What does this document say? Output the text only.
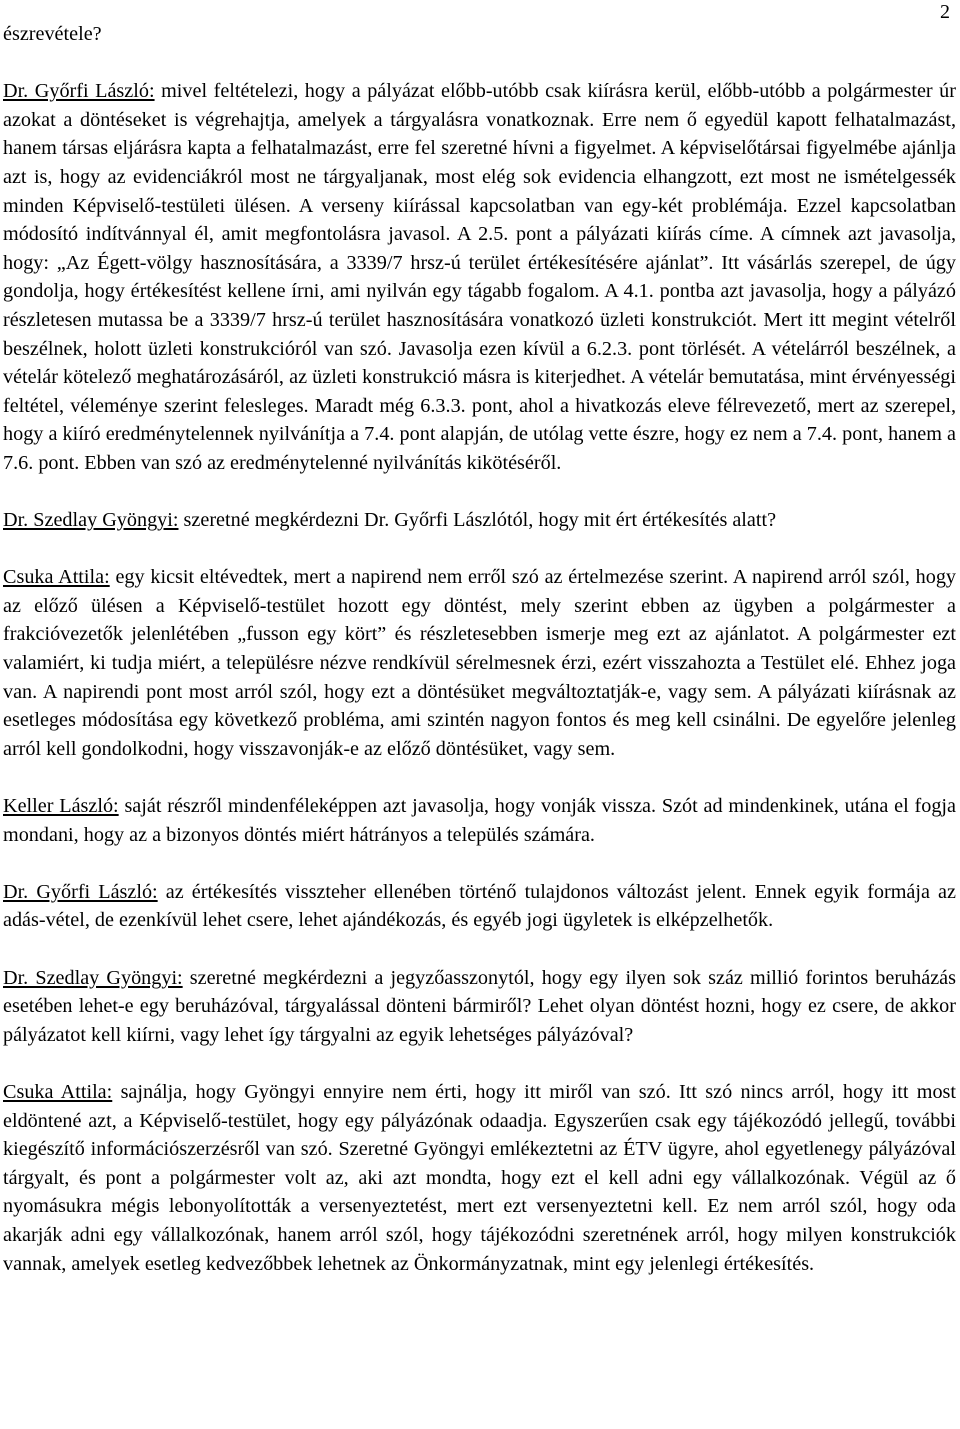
2

észrevétele?

Dr. Győrfi László: mivel feltételezi, hogy a pályázat előbb-utóbb csak kiírásra kerül, előbb-utóbb a polgármester úr azokat a döntéseket is végrehajtja, amelyek a tárgyalásra vonatkoznak. Erre nem ő egyedül kapott felhatalmazást, hanem társas eljárásra kapta a felhatalmazást, erre fel szeretné hívni a figyelmet. A képviselőtársai figyelmébe ajánlja azt is, hogy az evidenciákról most ne tárgyaljanak, most elég sok evidencia elhangzott, ezt most ne ismételgessék minden Képviselő-testületi ülésen. A verseny kiírással kapcsolatban van egy-két problémája. Ezzel kapcsolatban módosító indítvánnyal él, amit megfontolásra javasol. A 2.5. pont a pályázati kiírás címe. A címnek azt javasolja, hogy: „Az Égett-völgy hasznosítására, a 3339/7 hrsz-ú terület értékesítésére ajánlat”. Itt vásárlás szerepel, de úgy gondolja, hogy értékesítést kellene írni, ami nyilván egy tágabb fogalom. A 4.1. pontba azt javasolja, hogy a pályázó részletesen mutassa be a 3339/7 hrsz-ú terület hasznosítására vonatkozó üzleti konstrukciót. Mert itt megint vételről beszélnek, holott üzleti konstrukcióról van szó. Javasolja ezen kívül a 6.2.3. pont törlését. A vételárról beszélnek, a vételár kötelező meghatározásáról, az üzleti konstrukció másra is kiterjedhet. A vételár bemutatása, mint érvényességi feltétel, véleménye szerint felesleges. Maradt még 6.3.3. pont, ahol a hivatkozás eleve félrevezető, mert az szerepel, hogy a kiíró eredménytelennek nyilvánítja a 7.4. pont alapján, de utólag vette észre, hogy ez nem a 7.4. pont, hanem a 7.6. pont. Ebben van szó az eredménytelenné nyilvánítás kikötéséről.

Dr. Szedlay Gyöngyi: szeretné megkérdezni Dr. Győrfi Lászlótól, hogy mit ért értékesítés alatt?

Csuka Attila: egy kicsit eltévedtek, mert a napirend nem erről szó az értelmezése szerint. A napirend arról szól, hogy az előző ülésen a Képviselő-testület hozott egy döntést, mely szerint ebben az ügyben a polgármester a frakcióvezetők jelenlétében „fusson egy kört” és részletesebben ismerje meg ezt az ajánlatot. A polgármester ezt valamiért, ki tudja miért, a településre nézve rendkívül sérelmesnek érzi, ezért visszahozta a Testület elé. Ehhez joga van. A napirendi pont most arról szól, hogy ezt a döntésüket megváltoztatják-e, vagy sem. A pályázati kiírásnak az esetleges módosítása egy következő probléma, ami szintén nagyon fontos és meg kell csinálni. De egyelőre jelenleg arról kell gondolkodni, hogy visszavonják-e az előző döntésüket, vagy sem.

Keller László: saját részről mindenféleképpen azt javasolja, hogy vonják vissza. Szót ad mindenkinek, utána el fogja mondani, hogy az a bizonyos döntés miért hátrányos a település számára.

Dr. Győrfi László: az értékesítés visszteher ellenében történő tulajdonos változást jelent. Ennek egyik formája az adás-vétel, de ezenkívül lehet csere, lehet ajándékozás, és egyéb jogi ügyletek is elképzelhetők.

Dr. Szedlay Gyöngyi: szeretné megkérdezni a jegyzőasszonytól, hogy egy ilyen sok száz millió forintos beruházás esetében lehet-e egy beruházóval, tárgyalással dönteni bármiről? Lehet olyan döntést hozni, hogy ez csere, de akkor pályázatot kell kiírni, vagy lehet így tárgyalni az egyik lehetséges pályázóval?

Csuka Attila: sajnálja, hogy Gyöngyi ennyire nem érti, hogy itt miről van szó. Itt szó nincs arról, hogy itt most eldöntené azt, a Képviselő-testület, hogy egy pályázónak odaadja. Egyszerűen csak egy tájékozódó jellegű, további kiegészítő információszerzésről van szó. Szeretné Gyöngyi emlékeztetni az ÉTV ügyre, ahol egyetlenegy pályázóval tárgyalt, és pont a polgármester volt az, aki azt mondta, hogy ezt el kell adni egy vállalkozónak. Végül az ő nyomásukra mégis lebonyolították a versenyeztetést, mert ezt versenyeztetni kell. Ez nem arról szól, hogy oda akarják adni egy vállalkozónak, hanem arról szól, hogy tájékozódni szeretnének arról, hogy milyen konstrukciók vannak, amelyek esetleg kedvezőbbek lehetnek az Önkormányzatnak, mint egy jelenlegi értékesítés.
